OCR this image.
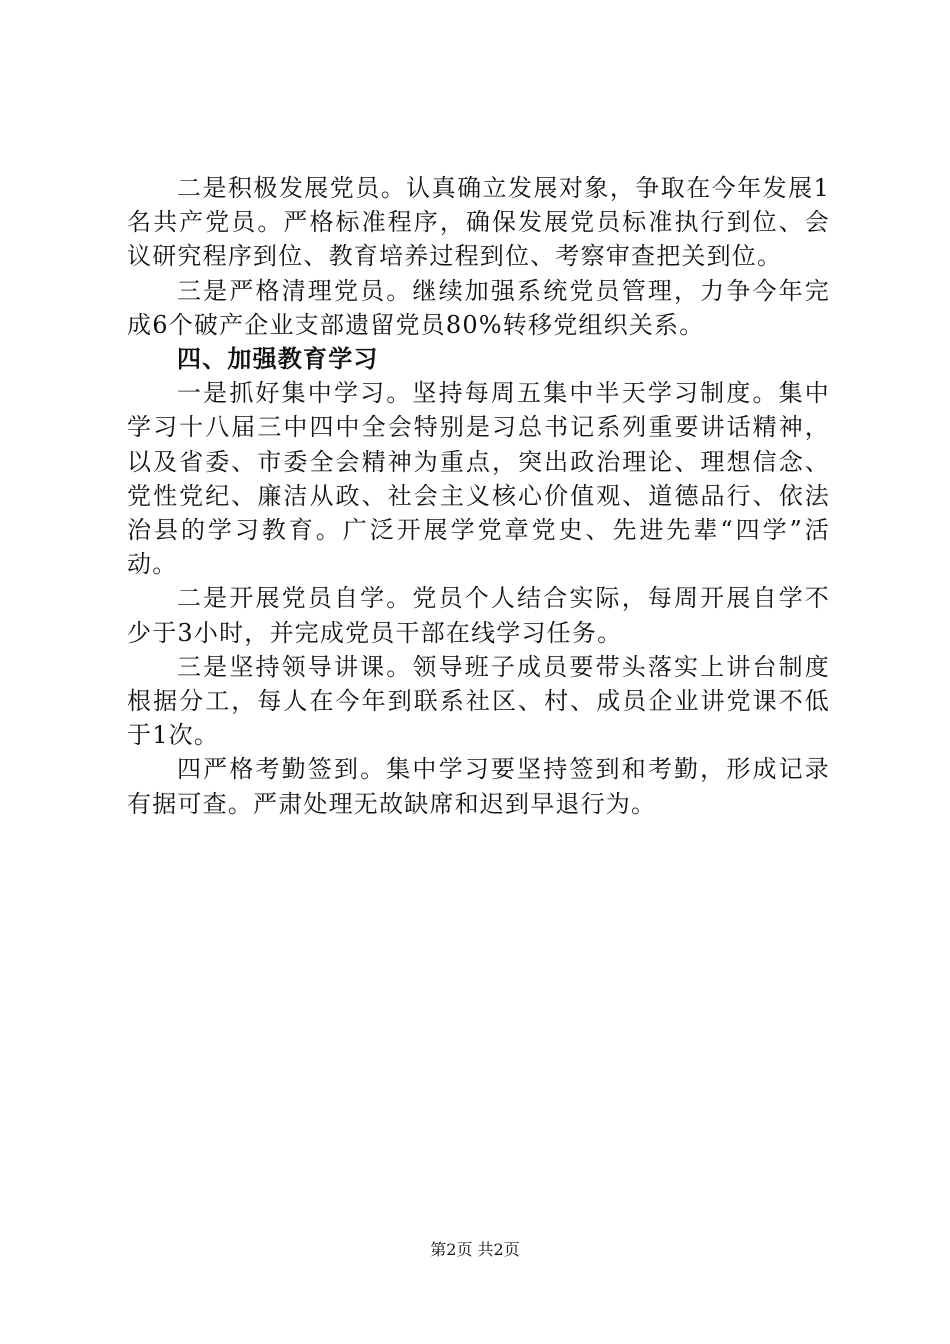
二是积极发展党员。认真确立发展对象，争取在今年发展1名共产党员。严格标准程序，确保发展党员标准执行到位、会议研究程序到位、教育培养过程到位、考察审查把关到位。

三是严格清理党员。继续加强系统党员管理，力争今年完成6个破产企业支部遗留党员80%转移党组织关系。

四、加强教育学习

一是抓好集中学习。坚持每周五集中半天学习制度。集中学习十八届三中四中全会特别是习总书记系列重要讲话精神，以及省委、市委全会精神为重点，突出政治理论、理想信念、党性党纪、廉洁从政、社会主义核心价值观、道德品行、依法治县的学习教育。广泛开展学党章党史、先进先辈“四学”活动。

二是开展党员自学。党员个人结合实际，每周开展自学不少于3小时，并完成党员干部在线学习任务。

三是坚持领导讲课。领导班子成员要带头落实上讲台制度根据分工，每人在今年到联系社区、村、成员企业讲党课不低于1次。

四严格考勤签到。集中学习要坚持签到和考勤，形成记录有据可查。严肃处理无故缺席和迟到早退行为。

第2页 共2页
